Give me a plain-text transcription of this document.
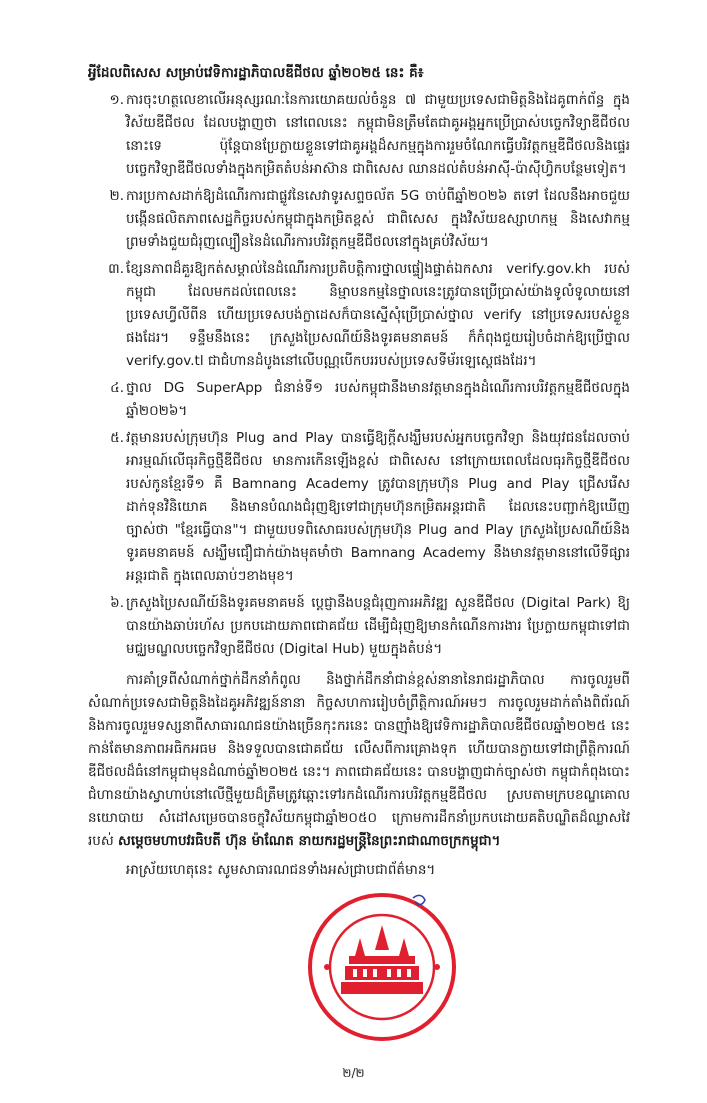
អ្វីដែលពិសេស សម្រាប់វេទិការដ្ឋាភិបាលឌីជីថល ឆ្នាំ២០២៥ នេះ គឺ៖

១. ការចុះហត្ថលេខាលើអនុស្សរណៈនៃការយោគយល់ចំនួន ៧ ជាមួយប្រទេសជាមិត្តនិងដៃគូពាក់ព័ន្ធ ក្នុងវិស័យឌីជីថល ដែលបង្ហាញថា នៅពេលនេះ កម្ពុជាមិនត្រឹមតែជាគូអង្គអ្នកប្រើប្រាស់បច្ចេកវិទ្យាឌីជីថលនោះទេ ប៉ុន្តែបានប្រែក្លាយខ្លួនទៅជាគូអង្គដ៏សកម្មក្នុងការរួមចំណែកធ្វើបរិវត្តកម្មឌីជីថលនិងផ្ទេរបច្ចេកវិទ្យាឌីជីថលទាំងក្នុងកម្រិតតំបន់អាស៊ាន ជាពិសេស ឈានដល់តំបន់អាស៊ី-ប៉ាស៊ីហ្វិកបន្ថែមទៀត។
២. ការប្រកាសដាក់ឱ្យដំណើរការជាផ្លូវនៃសេវាទូរសព្ទចល័ត 5G ចាប់ពីឆ្នាំ២០២៦ តទៅ ដែលនឹងអាចជួយបង្កើនផលិតភាពសេដ្ឋកិច្ចរបស់កម្ពុជាក្នុងកម្រិតខ្ពស់ ជាពិសេស ក្នុងវិស័យឧស្សាហកម្ម និងសេវាកម្ម ព្រមទាំងជួយជំរុញល្បឿននៃដំណើរការបរិវត្តកម្មឌីជីថលនៅក្នុងគ្រប់វិស័យ។
៣. ខ្សែនភាពដ៏គួរឱ្យកត់សម្គាល់នៃដំណើរការប្រតិបត្តិការថ្នាលផ្ទៀងផ្ទាត់ឯកសារ verify.gov.kh របស់កម្ពុជា ដែលមកដល់ពេលនេះ និម្មាបនកម្មនៃថ្នាលនេះត្រូវបានប្រើប្រាស់យ៉ាងទូលំទូលាយនៅប្រទេសហ្វីលីពីន ហើយប្រទេសបង់ក្លាដេសក៏បានស្នើសុំប្រើប្រាស់ថ្នាល verify នៅប្រទេសរបស់ខ្លួនផងដែរ។ ទន្ទឹមនឹងនេះ ក្រសួងប្រៃសណីយ៍និងទូរគមនាគមន៍ ក៏កំពុងជួយរៀបចំដាក់ឱ្យប្រើថ្នាល verify.gov.tl ជាជំហានដំបូងនៅលើបណ្ណបើកបររបស់ប្រទេសទីម័រឡេស្តេផងដែរ។
៤. ថ្នាល DG SuperApp ជំនាន់ទី១ របស់កម្ពុជានឹងមានវត្តមានក្នុងដំណើរការបរិវត្តកម្មឌីជីថលក្នុងឆ្នាំ២០២៦។
៥. វត្តមានរបស់ក្រុមហ៊ុន Plug and Play បានធ្វើឱ្យក្តីសង្ឃឹមរបស់អ្នកបច្ចេកវិទ្យា និងយុវជនដែលចាប់អារម្មណ៍លើធុរកិច្ចថ្មីឌីជីថល មានការកើនឡើងខ្ពស់ ជាពិសេស នៅក្រោយពេលដែលធុរកិច្ចថ្មីឌីជីថលរបស់កូនខ្មែរទី១ គឺ Bamnang Academy ត្រូវបានក្រុមហ៊ុន Plug and Play ជ្រើសរើសដាក់ទុនវិនិយោគ និងមានបំណងជំរុញឱ្យទៅជាក្រុមហ៊ុនកម្រិតអន្តរជាតិ ដែលនេះបញ្ជាក់ឱ្យឃើញច្បាស់ថា "ខ្មែរធ្វើបាន"។ ជាមួយបទពិសោធរបស់ក្រុមហ៊ុន Plug and Play ក្រសួងប្រៃសណីយ៍និងទូរគមនាគមន៍ សង្ឃឹមជឿជាក់យ៉ាងមុតមាំថា Bamnang Academy នឹងមានវត្តមាននៅលើទីផ្សារអន្តរជាតិ ក្នុងពេលឆាប់ៗខាងមុខ។
៦. ក្រសួងប្រៃសណីយ៍និងទូរគមនាគមន៍ ប្តេជ្ញានឹងបន្តជំរុញការអភិវឌ្ឍ សួនឌីជីថល (Digital Park) ឱ្យបានយ៉ាងឆាប់រហ័ស ប្រកបដោយភាពជោគជ័យ ដើម្បីជំរុញឱ្យមានកំណើនការងារ ប្រែក្លាយកម្ពុជាទៅជាមជ្ឈមណ្ឌលបច្ចេកវិទ្យាឌីជីថល (Digital Hub) មួយក្នុងតំបន់។

ការគាំទ្រពីសំណាក់ថ្នាក់ដឹកនាំកំពូល និងថ្នាក់ដឹកនាំជាន់ខ្ពស់នានានៃរាជរដ្ឋាភិបាល ការចូលរួមពីសំណាក់ប្រទេសជាមិត្តនិងដៃគូអភិវឌ្ឍន៍នានា កិច្ចសហការរៀបចំព្រឹត្តិការណ៍អមៗ ការចូលរួមដាក់តាំងពិព័រណ៍ និងការចូលរួមទស្សនាពីសាធារណជនយ៉ាងច្រើនកុះករនេះ បានញ៉ាំងឱ្យវេទិការដ្ឋាភិបាលឌីជីថលឆ្នាំ២០២៥ នេះ កាន់តែមានភាពអធិកអធម និងទទួលបានជោគជ័យ លើសពីការគ្រោងទុក ហើយបានក្លាយទៅជាព្រឹត្តិការណ៍ឌីជីថលដ៏ធំនៅកម្ពុជាមុនដំណាច់ឆ្នាំ២០២៥ នេះ។ ភាពជោគជ័យនេះ បានបង្ហាញជាក់ច្បាស់ថា កម្ពុជាកំពុងបោះជំហានយ៉ាងស្វាហាប់នៅលើថ្មីមួយដ៏ត្រឹមត្រូវឆ្ពោះទៅរកដំណើរការបរិវត្តកម្មឌីជីថល ស្របតាមក្របខណ្ឌគោលនយោបាយ សំដៅសម្រេចបានចក្ខុវិស័យកម្ពុជាឆ្នាំ២០៥០ ក្រោមការដឹកនាំប្រកបដោយគតិបណ្ឌិតដ៏ឈ្លាសវៃរបស់ សម្តេចមហាបវរធិបតី ហ៊ុន ម៉ាណែត នាយករដ្ឋមន្ត្រីនៃព្រះរាជាណាចក្រកម្ពុជា។

អាស្រ័យហេតុនេះ សូមសាធារណជនទាំងអស់ជ្រាបជាព័ត៌មាន។

២/២
